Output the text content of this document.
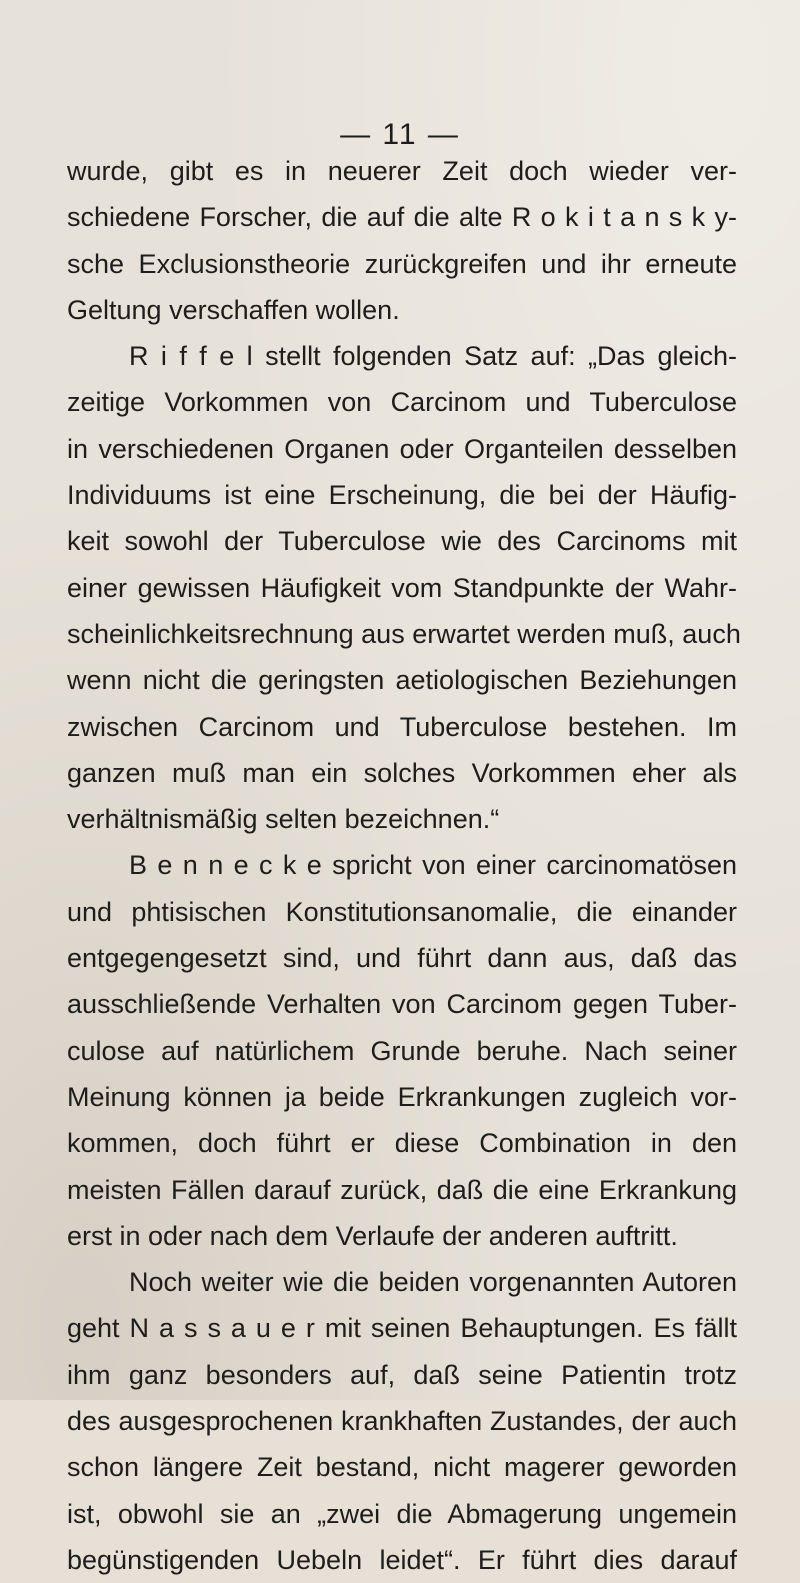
— 11 —
wurde, gibt es in neuerer Zeit doch wieder ver-
schiedene Forscher, die auf die alte R o k i t a n s k y-
sche Exclusionstheorie zurückgreifen und ihr erneute
Geltung verschaffen wollen.
R i f f e l stellt folgenden Satz auf: „Das gleich-
zeitige Vorkommen von Carcinom und Tuberculose
in verschiedenen Organen oder Organteilen desselben
Individuums ist eine Erscheinung, die bei der Häufig-
keit sowohl der Tuberculose wie des Carcinoms mit
einer gewissen Häufigkeit vom Standpunkte der Wahr-
scheinlichkeitsrechnung aus erwartet werden muß, auch
wenn nicht die geringsten aetiologischen Beziehungen
zwischen Carcinom und Tuberculose bestehen. Im
ganzen muß man ein solches Vorkommen eher als
verhältnismäßig selten bezeichnen.“
B e n n e c k e spricht von einer carcinomatösen
und phtisischen Konstitutionsanomalie, die einander
entgegengesetzt sind, und führt dann aus, daß das
ausschließende Verhalten von Carcinom gegen Tuber-
culose auf natürlichem Grunde beruhe. Nach seiner
Meinung können ja beide Erkrankungen zugleich vor-
kommen, doch führt er diese Combination in den
meisten Fällen darauf zurück, daß die eine Erkrankung
erst in oder nach dem Verlaufe der anderen auftritt.
Noch weiter wie die beiden vorgenannten Autoren
geht N a s s a u e r mit seinen Behauptungen. Es fällt
ihm ganz besonders auf, daß seine Patientin trotz
des ausgesprochenen krankhaften Zustandes, der auch
schon längere Zeit bestand, nicht magerer geworden
ist, obwohl sie an „zwei die Abmagerung ungemein
begünstigenden Uebeln leidet“. Er führt dies darauf
